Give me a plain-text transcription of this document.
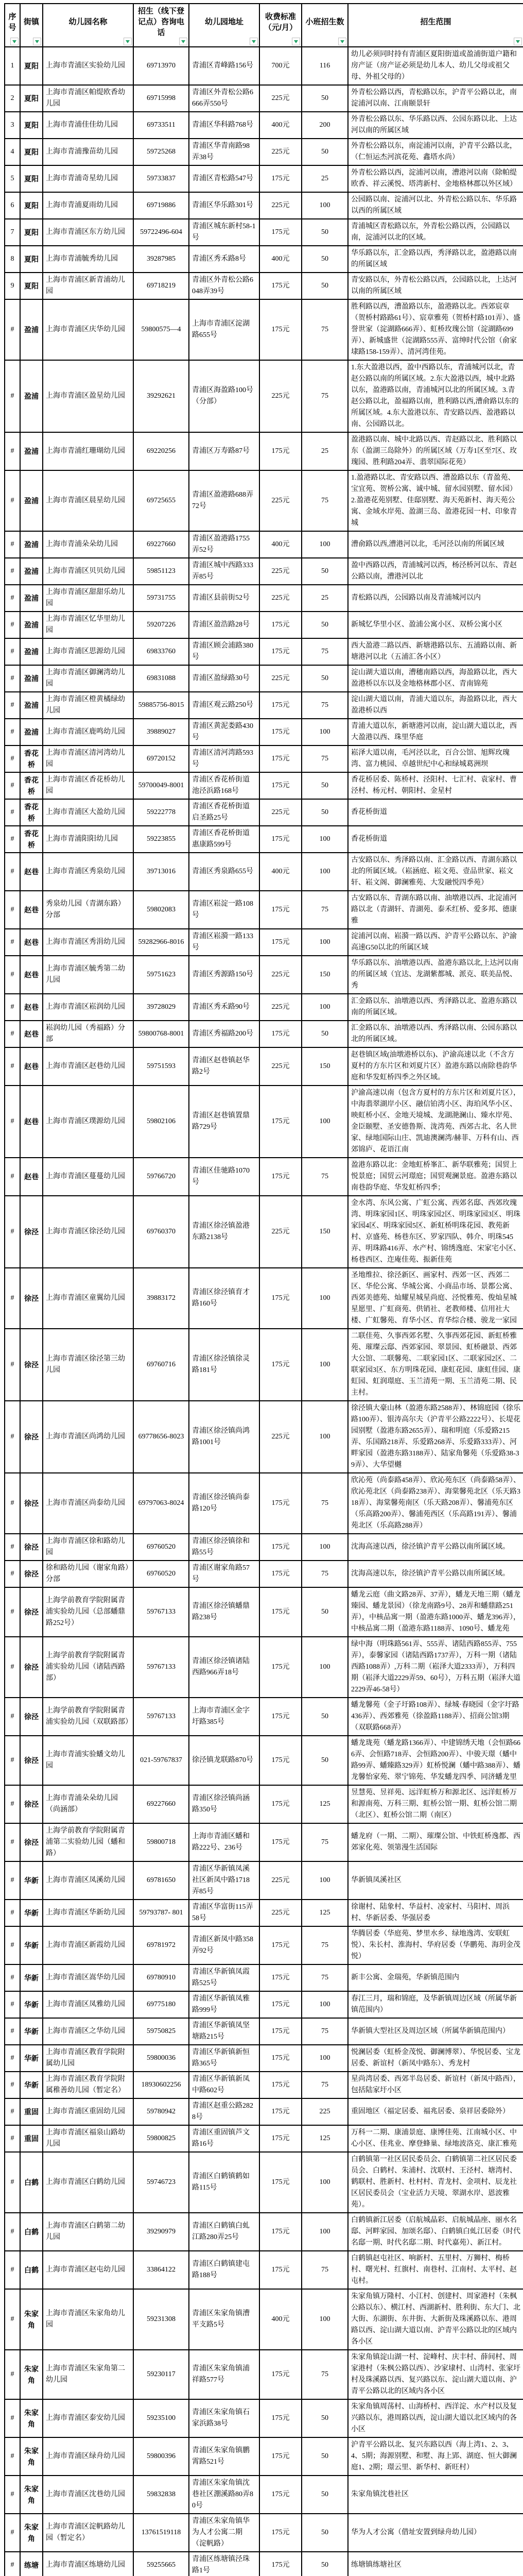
序号	街镇	幼儿园名称	招生（线下登记点）咨询电话	幼儿园地址	收费标准（元/月）	小班招生数	招生范围

1	夏阳	上海市青浦区实验幼儿园	69713970	青浦区青峰路156号	700元	116	幼儿必须同时持有青浦区夏阳街道或盈浦街道户籍和房产证（房产证必须是幼儿本人、幼儿父母或祖父母、外祖父母的）
2	夏阳	上海市青浦区帕缇欧香幼儿园	69715998	青浦区外青松公路6666弄550号	225元	50	外青松公路以西，青松路以东，沪青平公路以北，南淀浦河以南、江南颐景轩
3	夏阳	上海市青浦佳佳幼儿园	69733511	青浦区华科路768号	400元	200	外青松公路以东、华乐路以西、公园东路以北、上达河以南的所属区域
4	夏阳	上海市青浦豫苗幼儿园	59725268	青浦区华青南路98弄38号	225元	50	外青松公路以东，南淀浦河以南，沪青平公路以北，（仁恒运杰河滨花苑、鑫塔水尚）
5	夏阳	上海市青浦奇星幼儿园	59733837	青浦区青松路547号	175元	25	外青松公路以西，淀浦河以南，漕港河以南（除帕缇欧香、祥云溪悦、塔湾新村、金地格林郡以外区域）
6	夏阳	上海市青浦夏雨幼儿园	69719886	青浦区华乐路301号	225元	100	公园路以南、淀浦河以北、外青松公路以东、华乐路以西的所属区域
7	夏阳	上海市青浦区东方幼儿园	59722496-604	青浦区城东新村58-1号	175元	50	青浦城区青松路以东，外青松公路以西，公园路以南，淀浦河以北的区域。
8	夏阳	上海市青浦毓秀幼儿园	39287985	青浦区秀禾路8号	400元	50	华乐路以东，汇金路以西，秀泽路以北，盈港路以南的所属区域
9	夏阳	上海市青浦区新青浦幼儿园	69718219	青浦区外青松公路6048弄39号	175元	50	青安路以东，外青松公路以西，公园路以北，上达河以南的所属区域
#	盈浦	上海市青浦区庆华幼儿园	59800575—4	上海市青浦区淀湖路655号	175元	75	胜利路以西，漕盈路以东，盈港路以北。西郊宸章（贺桥村路路61号）、宸章雅苑（贺桥村路101弄）、盛誉世家（淀湖路666弄）、虹桥玫瑰公馆（淀湖路699弄）、新城盛世（淀湖路555弄、富绅时代公馆（俞家埭路158-159弄）、清河湾佳苑。
#	盈浦	上海市青浦区盈星幼儿园	39292621	青浦区海盈路100号（分部）	225元	75	1.东大盈港以西，盈中西路以东，青浦城河以北，青赵公路以南的所属区域。2.东大盈港以西，城中北路以东，盈港路以南，青浦城河以北的所属区域。3.青赵公路以北，盈福路以南，胜利路以西,漕俞路以东的所属区域。4.东大盈港以东、青安路以西、盈港路以南、公园路以北。
#	盈浦	上海市青浦红珊瑚幼儿园	69220256	青浦区万寿路87号	175元	25	盈港路以南、城中北路以西、青赵路以北、胜利路以东（盈湖三岛除外）的所属区域（万寿1区至7区、玫瑰园、胜利路204弄、翡翠国际花苑）
#	盈浦	上海市青浦区晨星幼儿园	69725655	青浦区盈港路688弄72号	225元	75	1.盈港路以北、青安路以西、漕盈路以东（青盈苑、宝宜苑、贺桥公寓、诚中城、留水园别墅、留水园）2.盈港花苑别墅、佳邸别墅、海天苑新村、海天苑公寓、金域水岸苑、盈湖三岛、盈港花园一村、印象青城
#	盈浦	上海市青浦朵朵幼儿园	69227660	青浦区盈港路1755弄52号	400元	100	漕俞路以西,漕港河以北，毛河泾以南的所属区域
#	盈浦	上海市青浦区贝贝幼儿园	59851123	青浦区城中西路333弄85号	225元	50	盈中西路以西，青浦城河以西，杨泾桥河以东、青赵公路以南，漕港河以北
#	盈浦	上海市青浦区甜甜乐幼儿园	59731755	青浦区县前街52号	225元	25	青松路以西，公园路以南及青浦城河以内
#	盈浦	上海市青浦区忆华里幼儿园	59207226	青浦区盈浩路28号	175元	50	新城忆华里小区、盈浦公寓小区、双桥公寓小区
#	盈浦	上海市青浦区思源幼儿园	69833760	青浦区顾会浦路380号	175元	75	西大盈港二路以西、新塘港路以东、五浦路以南、新塘港河以北（五浦汇各小区）
#	盈浦	上海市青浦区御澜湾幼儿园	69831088	青浦区盈绿路30号	225元	50	淀山湖大道以南，漕穗南路以西，海盈路以北，西大盈港桥以东以及金地格林郡小区、青南锦苑
#	盈浦	上海市青浦区橙黄橘绿幼儿园	59885756-8015	青浦区观云路250号	175元	75	淀山湖大道以南，青浦大道以东，海盈路以北，西大盈港桥以西
#	盈浦	上海市青浦区鹿鸣幼儿园	39889027	青浦区黄泥娄路430号	175元	100	青浦大道以东，新塘港河以南，淀山湖大道以北，西大盈港以西、珠里华庭
#	香花桥	上海市青浦区清河湾幼儿园	69720152	青浦区清河湾路593号	175元	75	崧泽大道以南，毛河泾以北，百合公馆、旭辉玫瑰湾、富力桃园、卓越世纪中心和绿城葛洲坝
#	香花桥	上海市青浦区香花桥幼儿园	59700049-8001	青浦区香花桥街道池泾浜路168号	175元	50	香花桥居委、陈桥村、泾阳村、七汇村、袁家村、曹泾村、杨元村、朝阳村、金星村
#	香花桥	上海市青浦区大盈幼儿园	59222778	青浦区香花桥街道启圣路25号	225元	50	香花桥街道
#	香花桥	上海市青浦阳阳幼儿园	59223855	青浦区香花桥街道惠康路599号	175元	100	香花桥街道
#	赵巷	上海市青浦区秀泉幼儿园	39713016	青浦区秀泉路655号	400元	100	古安路以东、秀泽路以南、汇金路以西、青湖东路以北的所属区域。（崧涵庭、崧文苑、壹品世家、崧文轩、崧文阁、御澜雅苑、大发融悦四季苑）
#	赵巷	秀泉幼儿园（青湖东路）分部	59802083	青浦区崧淀一路108号	175元	75	古安路以东、青湖东路以南、油墩港以西、北淀浦河路以北（青湖轩、青湖苑、泰禾红桥、爱多邦、德康雅
#	赵巷	上海市青浦区秀涓幼儿园	59282966-8016	青浦区崧漪一路133号	175元	100	淀浦河以南、崧漪一路以西、沪青平公路以东、沪渝高速G50以北的所属区域
#	赵巷	上海市青浦区毓秀第二幼儿园	59751623	青浦区秀源路150号	225元	150	华乐路以东、油墩港以西、盈港东路以北,上达河以南的所属区域（宜达、龙湖紫都城、派克、联美品悦、秀
#	赵巷	上海市青浦区崧润幼儿园	39728029	青浦区秀禾路90号	225元	100	汇金路以东、油墩港以西、秀泽路以北、盈港东路以南的所属区域。
#	赵巷	崧润幼儿园（秀福路）分部	59800768-8001	青浦区秀福路200号	175元	50	汇金路以东、油墩港以西、秀泽路以南、公园东路以北的所属区域。
#	赵巷	上海市青浦区赵巷幼儿园	59751593	青浦区赵巷镇赵华路2号	225元	150	赵巷镇区域(油墩港桥以东)、沪渝高速以北（不含方夏村的方东片区和刘夏片区）盈港东路以南除巷韵华庭和华发虹桥四季之外区域。
#	赵巷	上海市青浦区璞源幼儿园	59802106	青浦区赵巷镇置鼎路729号	175元	100	沪渝高速以南（包含方夏村的方东片区和刘夏片区），中海翡翠湖岸小区、融信铂湾小区、海珀风华小区、映虹桥小区、金地天境城、龙湖滟澜山、臻水岸苑、金臣颐墅、圣安德鲁斯、泷湾苑、西郊古北、名人世家、绿地国际山庄、凯迪澳澜湾/赫菲、万科有山、西郊锦庐、花语江南
#	赵巷	上海市青浦区蔓蔓幼儿园	59766720	青浦区佳驰路1070号	175元	75	盈港东路以北：金地虹桥峯汇、新华联雅苑；国贸上悦景庭；国贸云河璟庭；国贸观澜景庭。盈港东路以南巷韵华庭、华发虹桥四季；
#	徐泾	上海市青浦区徐泾幼儿园	69760370	青浦区徐泾镇盈港东路2138号	225元	150	金水湾、东风公寓、广虹公寓、西郊名邸、西郊玫瑰湾、明珠家园1区、明珠家园2区、明珠家园3区、明珠家园4区、明珠家园5区、新虹桥明珠花园、教苑新村、京盛苑、杨巷东区、罗家四队、韩介、明珠545弄、明珠路416弄、水产村、锦绣逸庭、宋家宅小区、杨巷西区、迮庵佳苑、振新佳苑
#	徐泾	上海市青浦区童翼幼儿园	39883172	青浦区徐泾镇育才路160号	175元	100	圣地维拉、徐泾新区、画家村、西郊一区、西郊二区、华伦公寓、华城公寓、小商品市场、景都公寓、西郊美德苑、灿耀星城星尚庭、泾悦雅苑、俊灿星城星愿里、广虹商苑、供销社、老教师楼、信用社大楼、广虹馨苑、育华小区、育华综合楼、骏龙一家园
#	徐泾	上海市青浦区徐泾第三幼儿园	69760716	青浦区徐泾镇徐灵路181号	175元	100	二联佳苑、久事西郊名墅、久事西郊花园、新虹桥雅苑、璀璨云邸、西郊家园、翠景园、虹桥融景、西郊大公馆、二联馨苑、二联家园1区、二联家园2区、二联家园3区、东方明珠花园、康虹花园、康虹佳园、康虹园、虹润璟庭、玉兰清苑一期、玉兰清苑二期、民主村。
#	徐泾	上海市青浦区尚鸿幼儿园	69778656-8023	青浦区徐泾镇尚鸿路1001号	225元	100	徐泾镇大豪山林（盈港东路2588弄）、林锦庭园（徐乐路100弄）、银涛高尔夫（沪青平公路2222号）、长堤花园别墅（盈港东路2655弄）、瑞和明庭（乐爱路215弄、乐国路218弄、乐爱路268弄、乐爱路333弄）、河畔家园（盈港东路3188弄）、陆家角馨苑（乐爱路38-39弄）、大华望樾
#	徐泾	上海市青浦区尚泰幼儿园	69797063-8024	青浦区徐泾镇尚泰路120号	175元	75	欣沁苑（尚泰路458弄）、欣沁苑东区（尚泰路58弄）、欣沁苑北区（尚泰路238弄）、海棠馨苑北区（乐天路318弄）、海棠馨苑南区（乐天路208弄）、馨浦苑东区（乐高路200弄）、馨浦苑西区（乐高路191弄）、馨浦苑北区（乐高路288弄）
#	徐泾	上海市青浦区徐和路幼儿园	69760520	青浦区徐泾镇徐和路55号	175元	100	沈海高速以西，徐泾镇沪青平公路以南所属区域。
#	徐泾	徐和路幼儿园（谢家角路）分部	69760520	青浦区谢家角路57号	175元	75	沈海高速以东，徐泾镇沪青平公路以南所属区域。
#	徐泾	上海学前教育学院附属青浦实验幼儿园（总部蟠鼎路252号）	59767133	青浦区徐泾镇蟠鼎路238号	175元	50	蟠龙云庭（曲文路28弄、37弄），蟠龙天地三期（蟠龙臻园、蟠龙景园）（徐龙南路9号、28弄和蟠鼎路251弄），中核品寓一期（盈港东路1000弄、蟠龙396弄），中核品寓二期（盈港东路1188弄、1090号、蟠龙苑
#	徐泾	上海学前教育学院附属青浦实验幼儿园（诸陆西路部）	59767133	青浦区徐泾镇诸陆西路966弄18号	175元	100	绿中海（明珠路561弄、555弄、诸陆西路855弄、755弄），泰馨家园（诸陆西路1737弄），万科一期（诸陆西路1088弄）,万科二期（崧泽大道2333弄），万科四期（崧泽大道2229弄59、60号），万科五期（崧泽大道2229弄46-58号）
#	徐泾	上海学前教育学院附属青浦实验幼儿园（双联路部）	59767133	上海市青浦区金字圩路385号	175元	50	蟠龙馨苑（金子圩路108弄）、绿城·春晓园（金字圩路436弄）、西郊雅苑（徐盈路1188弄）、招商公馆3期（双联路668弄）
#	徐泾	上海市青浦实验蟠文幼儿园	021-59767837	徐泾镇龙联路870号	175元	50	蟠龙珑苑（蟠龙路1366弄）、中建锦绣天地（会恒路666弄、会恒路718弄、会恒路200弄）、中骏天璟（蟠中路99弄、蟠臻路329弄）虹桥悦澜（蟠中路388弄）、蟠龙馨怡家苑、翠宁锦苑、华发蟠龙四季、同济蟠龙里
#	徐泾	上海市青浦朵朵幼儿园（尚涵部）	69227660	青浦区徐泾镇尚涵路350号	175元	125	昱慧苑、昱祥苑、远洋虹桥万和源北区、远洋虹桥万和源南苑、万科三期、虹桥公馆一期、虹桥公馆二期（北区）、虹桥公馆二期（南区）
#	徐泾	上海学前教育学院附属青浦第二实验幼儿园（蟠和路）	59800718	上海市青浦区蟠和路222号、236号	175元	75	蟠龙府（一期、二期）、璀璨公馆、中铁虹桥逸都、西郊家化苑、领第漫生活国际
#	华新	上海市青浦区凤溪幼儿园	69781650	青浦区华新镇凤溪社区新凤中路1718弄85号	225元	100	华新镇凤溪社区
#	华新	上海市青浦区华新幼儿园	59793787- 801	青浦区华富街115弄58号	225元	125	徐谢村、陆象村、华益村、凌家村、马阳村、周浜村、华新居委、华强居委
#	华新	上海市青浦区新霞幼儿园	69781972	青浦区新凤中路358弄92号	175元	75	华腾居委（华庭苑、梦里水乡、绿地逸湾、安联虹悦）、朱长村、淮海村、华府居委（华鹏苑、海玥金茂悦）
#	华新	上海市青浦区嵩华幼儿园	69780910	青浦区华新镇凤霞路525号	175元	75	新丰公寓、金瑞苑，华新镇范围内
#	华新	上海市青浦区凤雅幼儿园	69775180	青浦区华新镇凤雅路999号	175元	100	春江三月，瑞和锦庭，及华新镇周边区域（所属华新镇范围内）
#	华新	上海市青浦区之华幼儿园	59750825	青浦区华新镇凤坚塘路215号	175元	75	华新镇大型社区及周边区域（所属华新镇范围内）
#	华新	上海市青浦区教育学院附属幼儿园	59800036	青浦区华新镇新恒路365号	175元	100	悦澜居委（虹桥金茂悦、御澜博翠）、华悦居委、宝龙居委、新谊村（新凤中路东）、秀龙村
#	华新	上海市青浦区教育学院附属稚善幼儿园（暂定名）	18930602256	青浦区华新镇新凤中路602号	175元	75	星尚湾居委、西郊半岛居委、新谊村（新凤中路西），包括陆家圩小区
#	重固	上海市青浦区重固幼儿园	59780942	青浦区赵重公路2828号	175元	225	重固地区（福定居委、福兆居委、泉祥居委除外）
#	重固	上海市青浦区福泉山路幼儿园	59800825	青浦区重固镇芦文路16号	175元	125	万科一二期、康浦景庭、康博佳苑、江南城小区、中心小区、佳兆业、摩登蜂巢、绿地波洛克、康汇雅苑
#	白鹤	上海市青浦区白鹤幼儿园	59746723	青浦区白鹤镇鹤如路115号	175元	100	白鹤镇第一社区居民委员会、白鹤镇第二社区居民委员会、白鹤村、朱浦村、沈联村、王泾村、塘湾村、鹤联村、胜新村、杜村村、青龙村、金项村、辰龙社区居民委员会（宝业活力天境、翠湖水岸、恩波雅苑）。
#	白鹤	上海市青浦区白鹤第二幼儿园	39290979	青浦区白鹤镇白虬江路280弄25号	175元	100	白鹤镇新江居委（启航城晶彩、启航城晶座、丽水名邸、河畔家园、加颂名邸）、白鹤镇白虬江居委（时代名邸一期、时代名邸二期、时代嘉苑）、新江村。
#	白鹤	上海市青浦区赵屯幼儿园	33864122	青浦区白鹤镇建屯路188号	175元	75	白鹤镇赵屯社区、响新村、五里村、万狮村、梅桥村、曙光村、红旗村、南巷村、江南村、太平村、赵屯村。
#	朱家角	上海市青浦区朱家角幼儿园	59231308	青浦区朱家角镇漕平支路5号	400元	100	朱家角镇万隆村、小江村、创建村、周家港村（朱枫公路以东）、横江村、西湖新村、胜利街、东大门、北大街、东湖街、东井街、大新街及珠溪路以东、港周路以西、淀山湖大道以南、沪青平公路以北的区域内各小区
#	朱家角	上海市青浦区朱家角第二幼儿园	59230117	青浦区朱家角镇浦祥路577号	175元	75	朱家角镇淀山湖一村、淀峰村、庆丰村、薛间村、周家港村（朱枫公路以西）、沙家埭村、山湾村、张家圩村及珠溪路以西、复兴路以东、淀山湖大道以南、沪青平公路以北的区域内各小区
#	朱家角	上海市青浦区泰安幼儿园	59235100	青浦区朱家角镇石家浜路38号	175元	50	朱家角镇周荡村、山海桥村、西洋淀、水产村以及复兴路以东，港周路以西，淀山湖大道以北区域内的各小区
#	朱家角	上海市青浦区绿舟幼儿园	59800396	青浦区朱家角镇鹏霄路521号	175元	50	沪青平公路以北、复兴东路以西（海上湾1、2、3、4、5期；海源别墅、和墅、海上郢、湖庭、恒大御澜庭1、2期；璟云里、新华村、新旺村）
#	朱家角	上海市青浦区沈巷幼儿园	59832838	青浦区朱家角镇沈巷社区淜溪路80弄80号	175元	50	朱家角镇沈巷社区
#	朱家角	上海市青浦区淀帆路幼儿园（暂定名）	13761519118	青浦区朱家角镇华为人才公寓二期（淀帆路）	175元	50	华为人才公寓（借址安置到绿舟幼儿园）
#	练塘	上海市青浦区练塘幼儿园	59255665	青浦区练塘镇泾珠路1号	175元	50	练塘镇练塘社区
